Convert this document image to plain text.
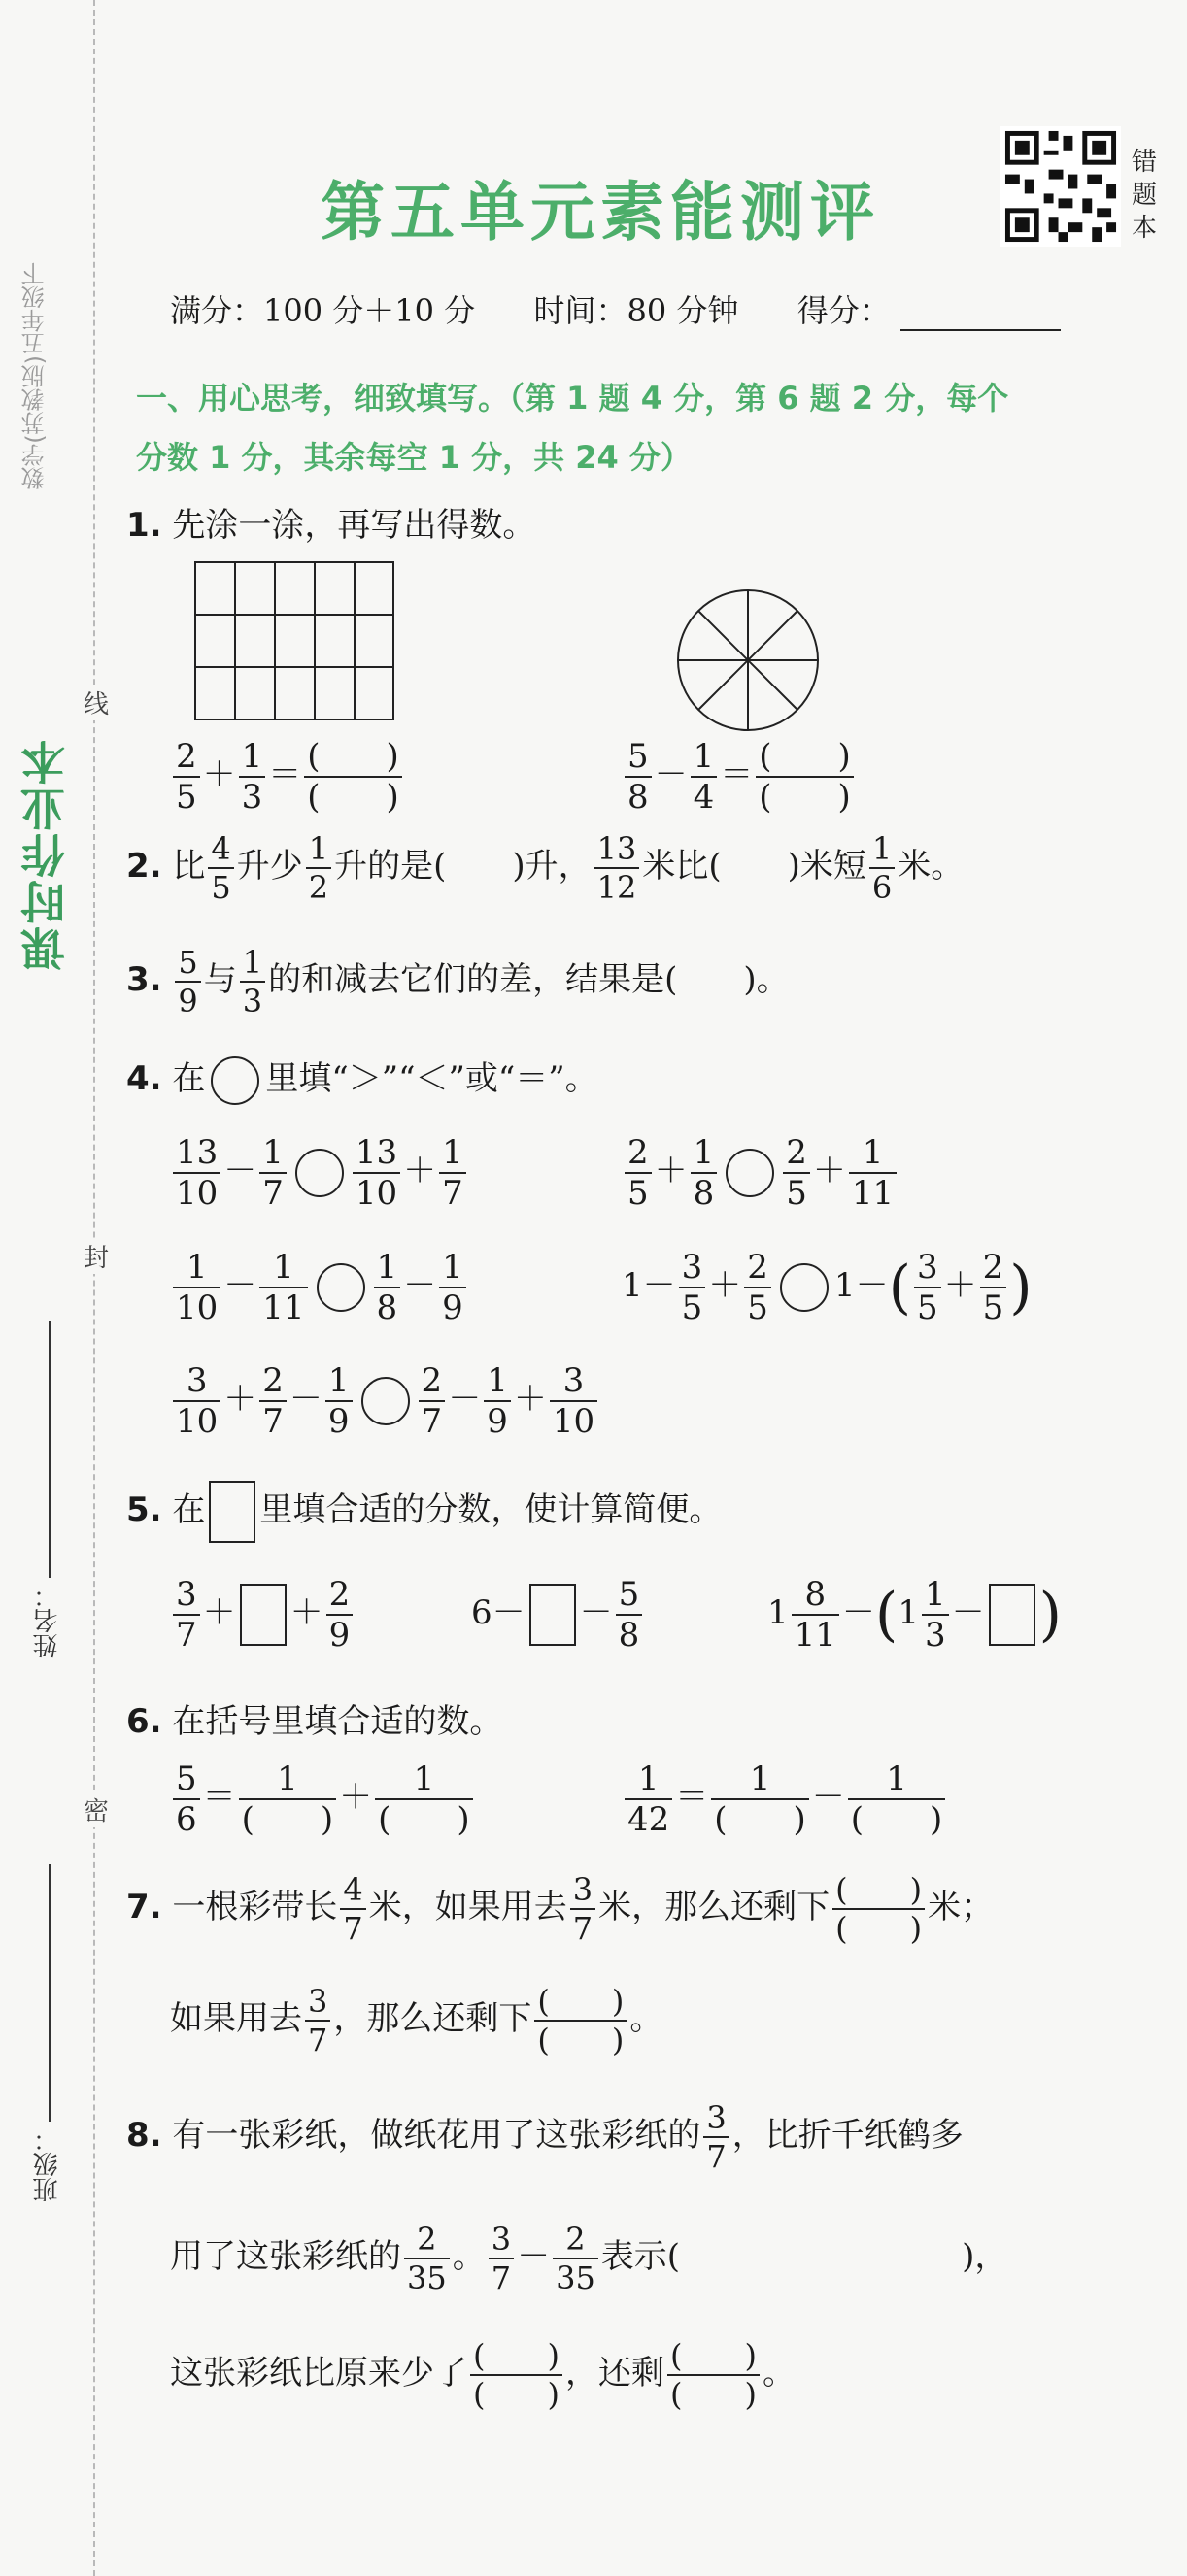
课时作业本
数学(苏教版)五年级下
线
封
密
姓名：
班级：
第五单元素能测评
错题本
满分：100 分＋10 分 时间：80 分钟 得分：
一、用心思考，细致填写。（第 1 题 4 分，第 6 题 2 分，每个
分数 1 分，其余每空 1 分，共 24 分）
1. 先涂一涂，再写出得数。
$\frac{2}{5} + \frac{1}{3} = \frac{( )}{( )}$	$\frac{5}{8} - \frac{1}{4} = \frac{( )}{( )}$
2. 比 $\frac{4}{5}$ 升少 $\frac{1}{2}$ 升的是(　　)升， $\frac{13}{12}$ 米比(　　)米短 $\frac{1}{6}$ 米。
3. $\frac{5}{9}$ 与 $\frac{1}{3}$ 的和减去它们的差，结果是(　　)。
4. 在 里填“＞”“＜”或“＝”。
$\frac{13}{10} - \frac{1}{7} \frac{13}{10} + \frac{1}{7}$	$\frac{2}{5} + \frac{1}{8} \frac{2}{5} + \frac{1}{11}$
$\frac{1}{10} - \frac{1}{11} \frac{1}{8} - \frac{1}{9}$	$1- \frac{3}{5} + \frac{2}{5} 1-( \frac{3}{5} + \frac{2}{5}$ )
$\frac{3}{10} + \frac{2}{7} - \frac{1}{9} \frac{2}{7} - \frac{1}{9} + \frac{3}{10}$
5. 在 里填合适的分数，使计算简便。
$\frac{3}{7}$ ＋ ＋ $\frac{2}{9}$	$6- - \frac{5}{8}$	$1 \frac{8}{11} -(1 \frac{1}{3}$ － )
6. 在括号里填合适的数。
$\frac{5}{6} = \frac{1}{( )} + \frac{1}{( )}$	$\frac{1}{42} = \frac{1}{( )} - \frac{1}{( )}$
7. 一根彩带长 $\frac{4}{7}$ 米，如果用去 $\frac{3}{7}$ 米，那么还剩下 $\frac{( )}{( )}$ 米；
如果用去 $\frac{3}{7}$ ，那么还剩下 $\frac{( )}{( )}$ 。
8. 有一张彩纸，做纸花用了这张彩纸的 $\frac{3}{7}$ ，比折千纸鹤多
用了这张彩纸的 $\frac{2}{35}$ 。 $\frac{3}{7} - \frac{2}{35}$ 表示(	)，
这张彩纸比原来少了 $\frac{( )}{( )}$ ，还剩 $\frac{( )}{( )}$ 。
